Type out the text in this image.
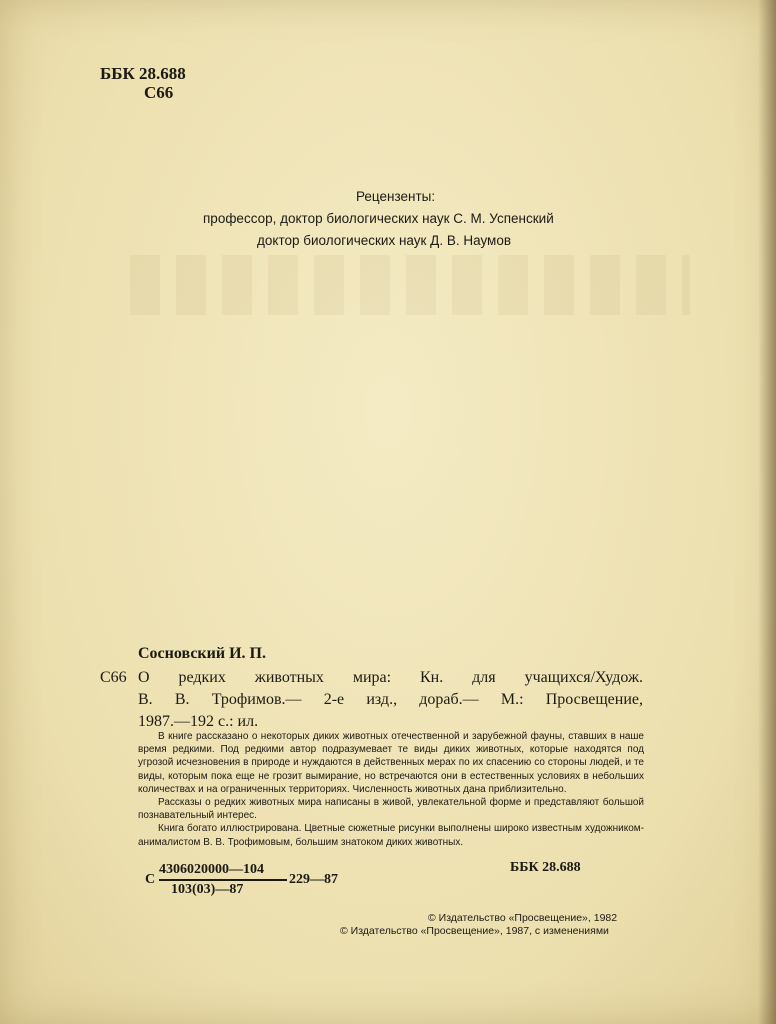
ББК 28.688
С66
Рецензенты:
профессор, доктор биологических наук С. М. Успенский
доктор биологических наук Д. В. Наумов
Сосновский И. П.
С66 О редких животных мира: Кн. для учащихся/Худож.
В. В. Трофимов.— 2-е изд., дораб.— М.: Просвещение,
1987.—192 с.: ил.

В книге рассказано о некоторых диких животных отечественной и зарубежной фауны, ставших в наше время редкими. Под редкими автор подразумевает те виды диких животных, которые находятся под угрозой исчезновения в природе и нуждаются в действенных мерах по их спасению со стороны людей, и те виды, которым пока еще не грозит вымирание, но встречаются они в естественных условиях в небольших количествах и на ограниченных территориях. Численность животных дана приблизительно.

Рассказы о редких животных мира написаны в живой, увлекательной форме и представляют большой познавательный интерес.

Книга богато иллюстрирована. Цветные сюжетные рисунки выполнены широко известным художником-анималистом В. В. Трофимовым, большим знатоком диких животных.

С
4306020000—104
103(03)—87
229—87
ББК 28.688
© Издательство «Просвещение», 1982
© Издательство «Просвещение», 1987, с изменениями
